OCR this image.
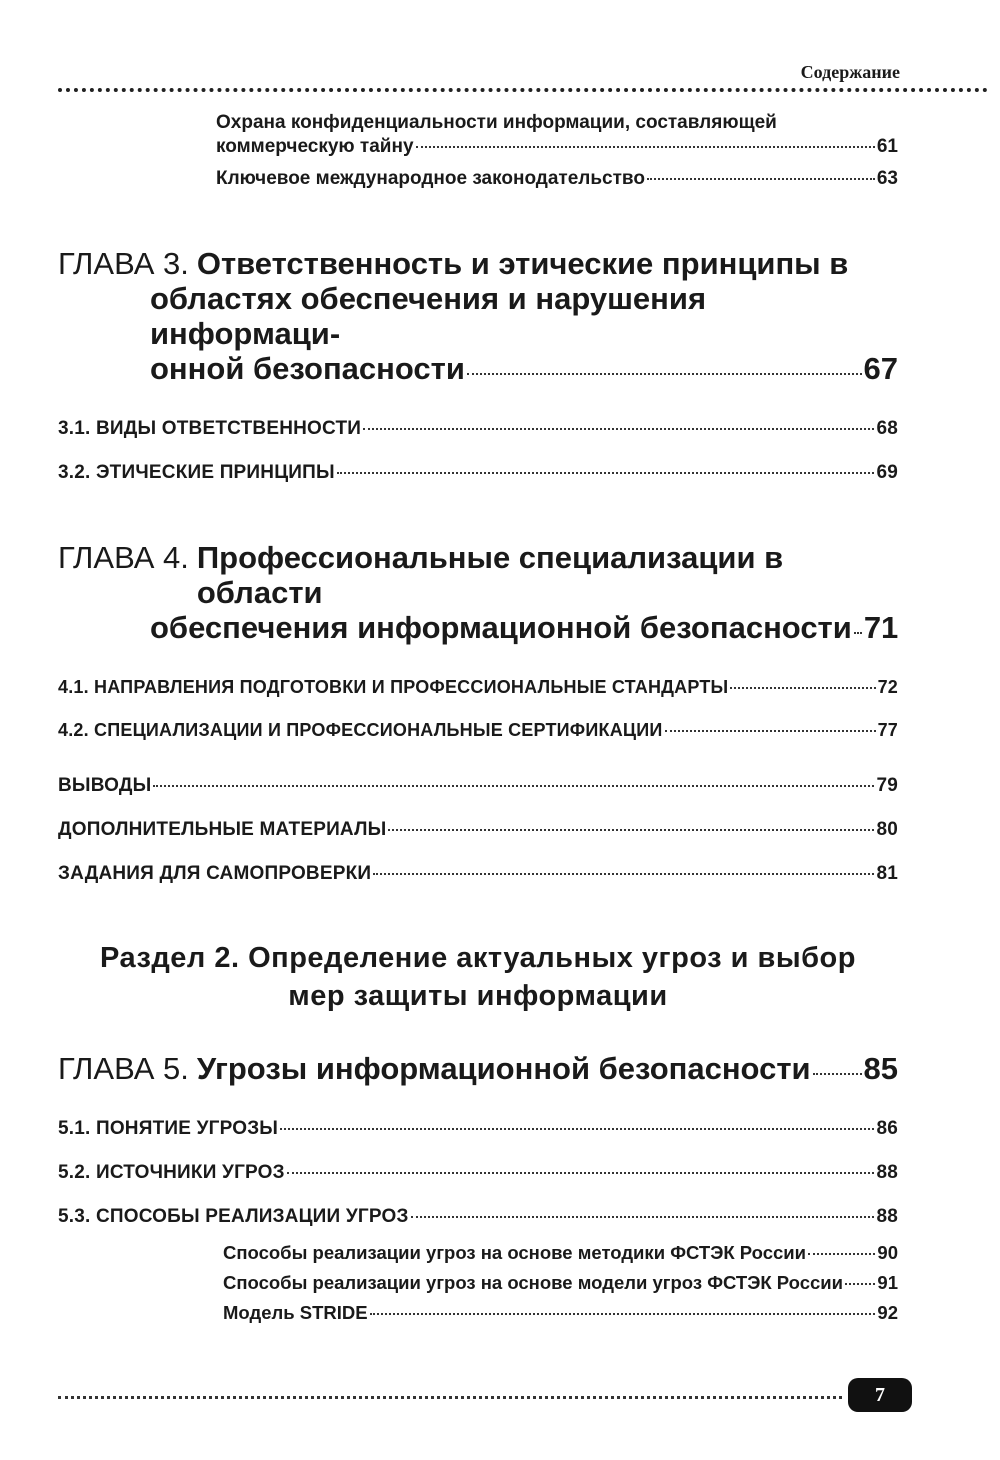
Содержание
Охрана конфиденциальности информации, составляющей
коммерческую тайну	61
Ключевое международное законодательство	63
ГЛАВА 3. Ответственность и этические принципы в
областях обеспечения и нарушения информаци-
онной безопасности	67
3.1. ВИДЫ ОТВЕТСТВЕННОСТИ	68
3.2. ЭТИЧЕСКИЕ ПРИНЦИПЫ	69
ГЛАВА 4. Профессиональные специализации в области
обеспечения информационной безопасности 71
4.1. НАПРАВЛЕНИЯ ПОДГОТОВКИ И ПРОФЕССИОНАЛЬНЫЕ СТАНДАРТЫ	72
4.2. СПЕЦИАЛИЗАЦИИ И ПРОФЕССИОНАЛЬНЫЕ СЕРТИФИКАЦИИ	77
ВЫВОДЫ	79
ДОПОЛНИТЕЛЬНЫЕ МАТЕРИАЛЫ	80
ЗАДАНИЯ ДЛЯ САМОПРОВЕРКИ	81
Раздел 2. Определение актуальных угроз и выбор
мер защиты информации
ГЛАВА 5. Угрозы информационной безопасности 85
5.1. ПОНЯТИЕ УГРОЗЫ	86
5.2. ИСТОЧНИКИ УГРОЗ	88
5.3. СПОСОБЫ РЕАЛИЗАЦИИ УГРОЗ	88
Способы реализации угроз на основе методики ФСТЭК России	90
Способы реализации угроз на основе модели угроз ФСТЭК России 91
Модель STRIDE	92
7
